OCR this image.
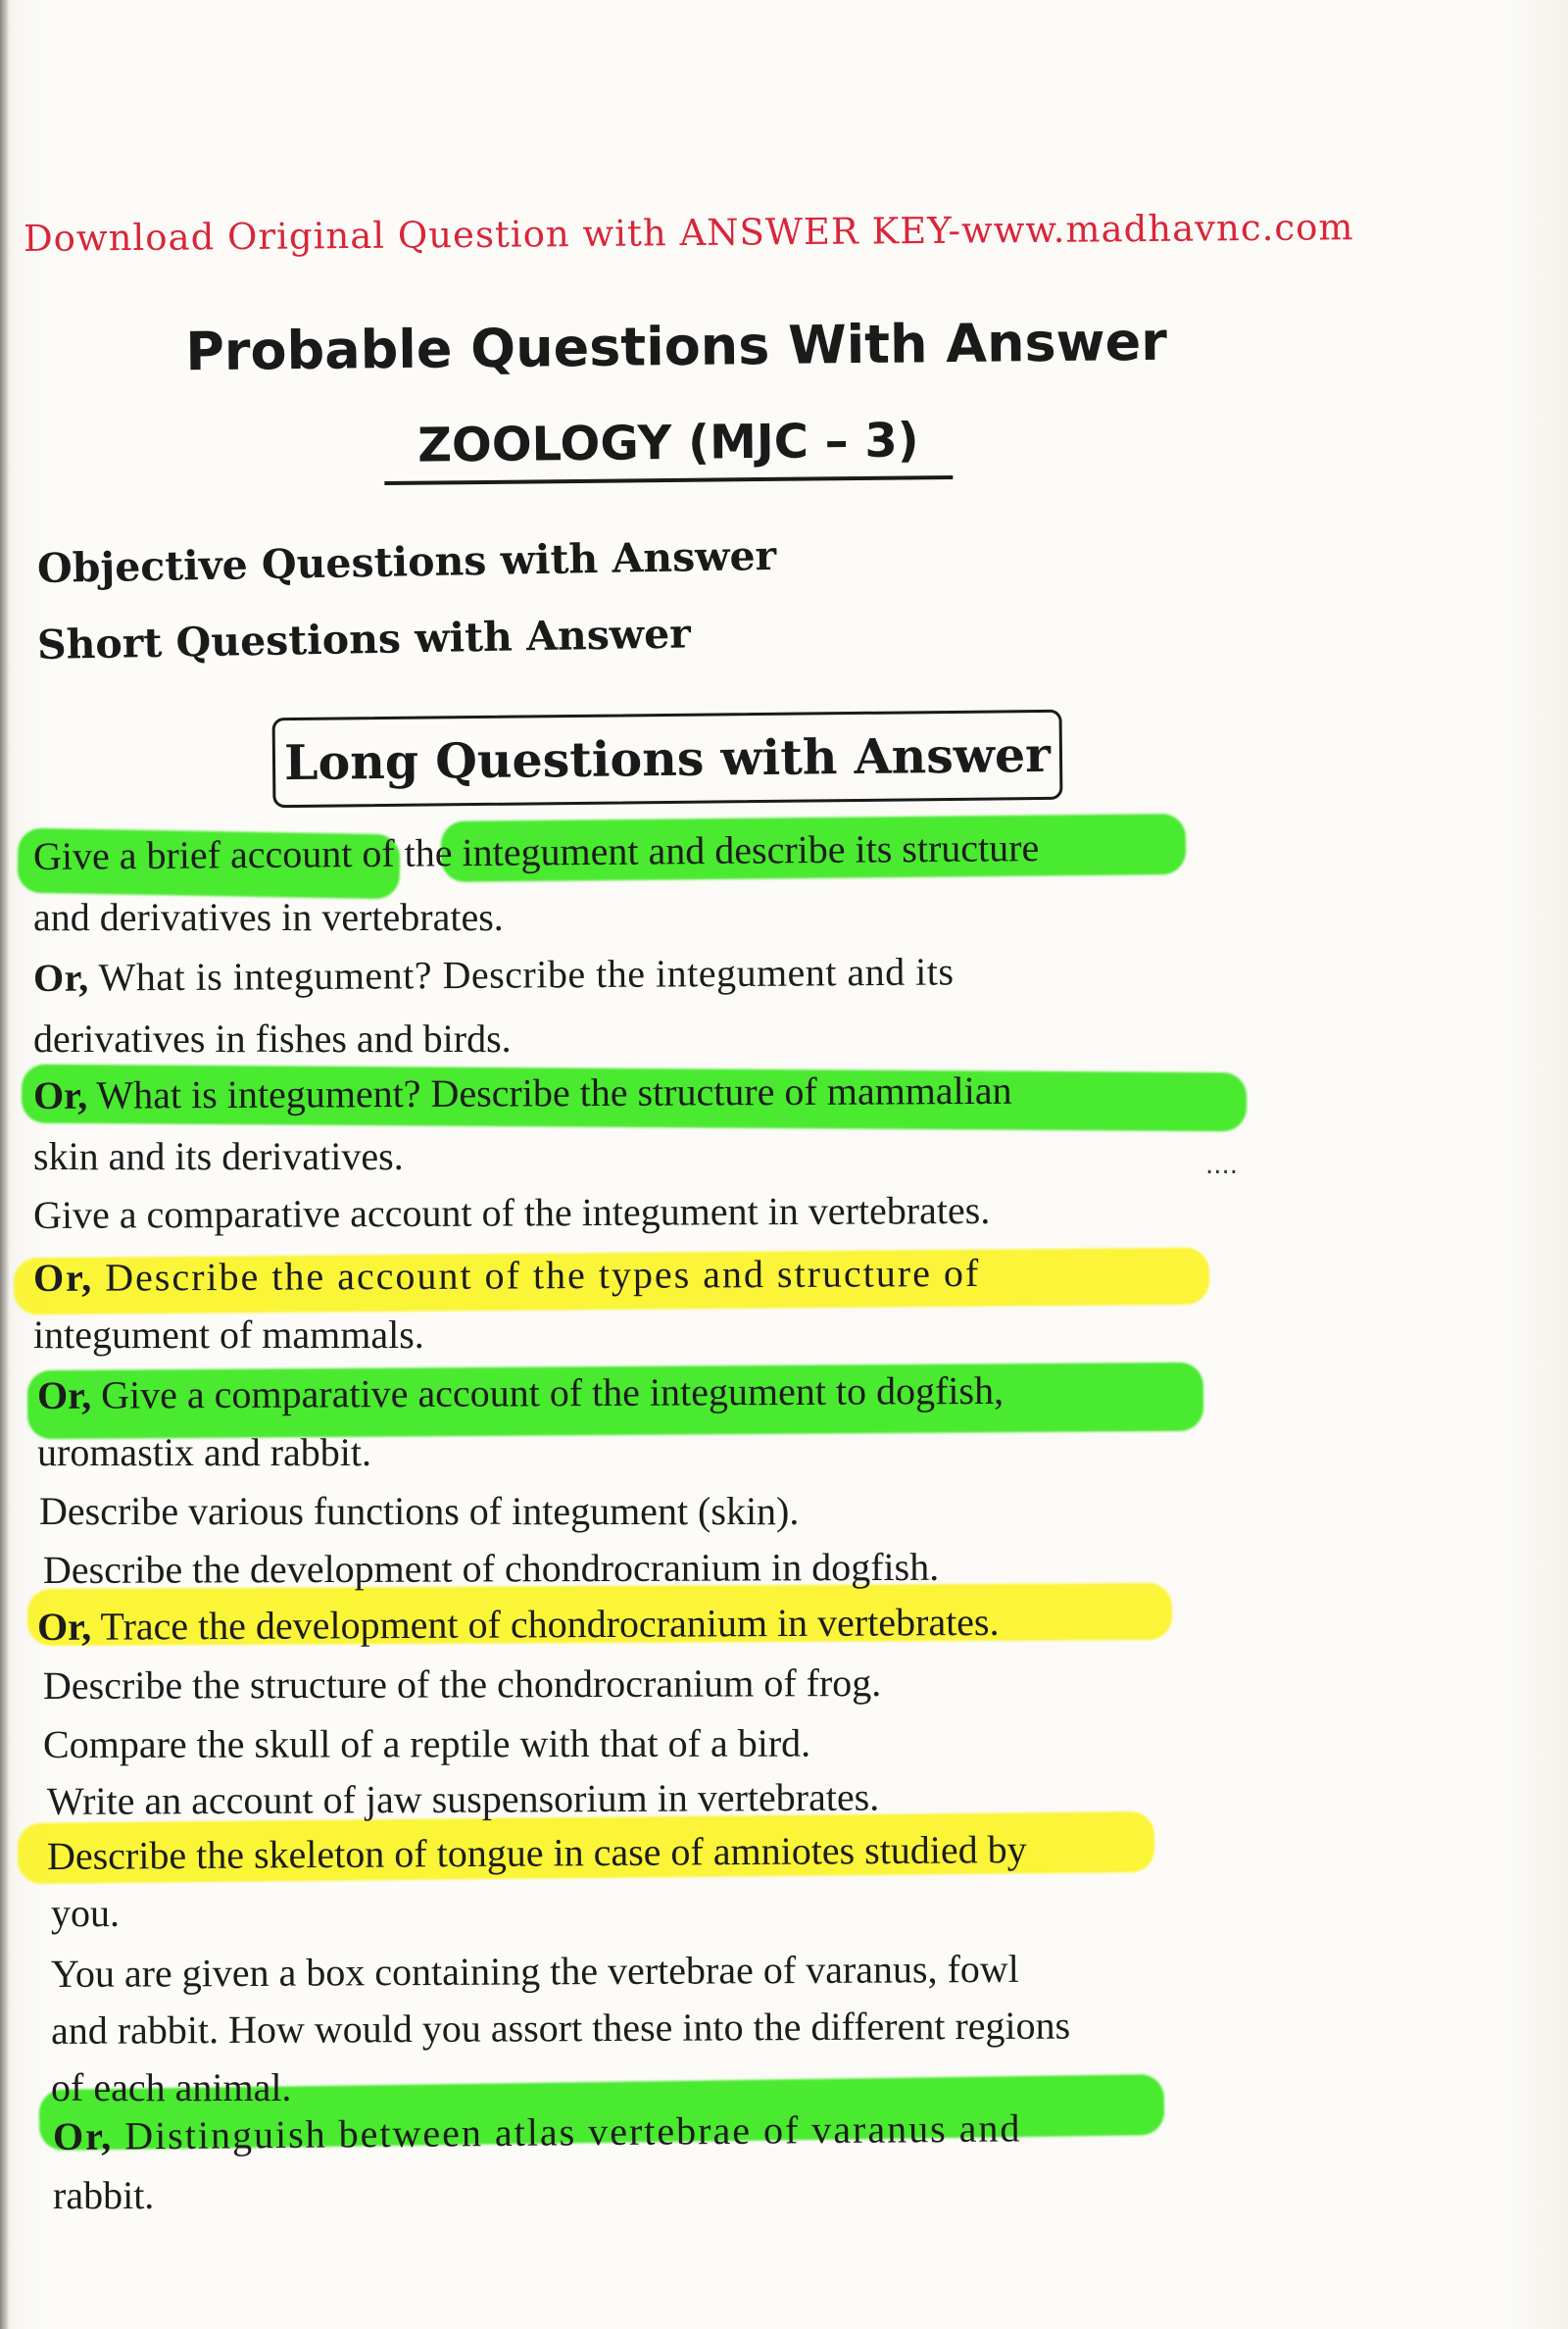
Download Original Question with ANSWER KEY-www.madhavnc.com
Probable Questions With Answer
ZOOLOGY (MJC – 3)
Objective Questions with Answer
Short Questions with Answer
Long Questions with Answer
....
Give a brief account of the integument and describe its structure
and derivatives in vertebrates.
Or, What is integument? Describe the integument and its
derivatives in fishes and birds.
Or, What is integument? Describe the structure of mammalian
skin and its derivatives.
Give a comparative account of the integument in vertebrates.
Or, Describe the account of the types and structure of
integument of mammals.
Or, Give a comparative account of the integument to dogfish,
uromastix and rabbit.
Describe various functions of integument (skin).
Describe the development of chondrocranium in dogfish.
Or, Trace the development of chondrocranium in vertebrates.
Describe the structure of the chondrocranium of frog.
Compare the skull of a reptile with that of a bird.
Write an account of jaw suspensorium in vertebrates.
Describe the skeleton of tongue in case of amniotes studied by
you.
You are given a box containing the vertebrae of varanus, fowl
and rabbit. How would you assort these into the different regions
of each animal.
Or, Distinguish between atlas vertebrae of varanus and
rabbit.
